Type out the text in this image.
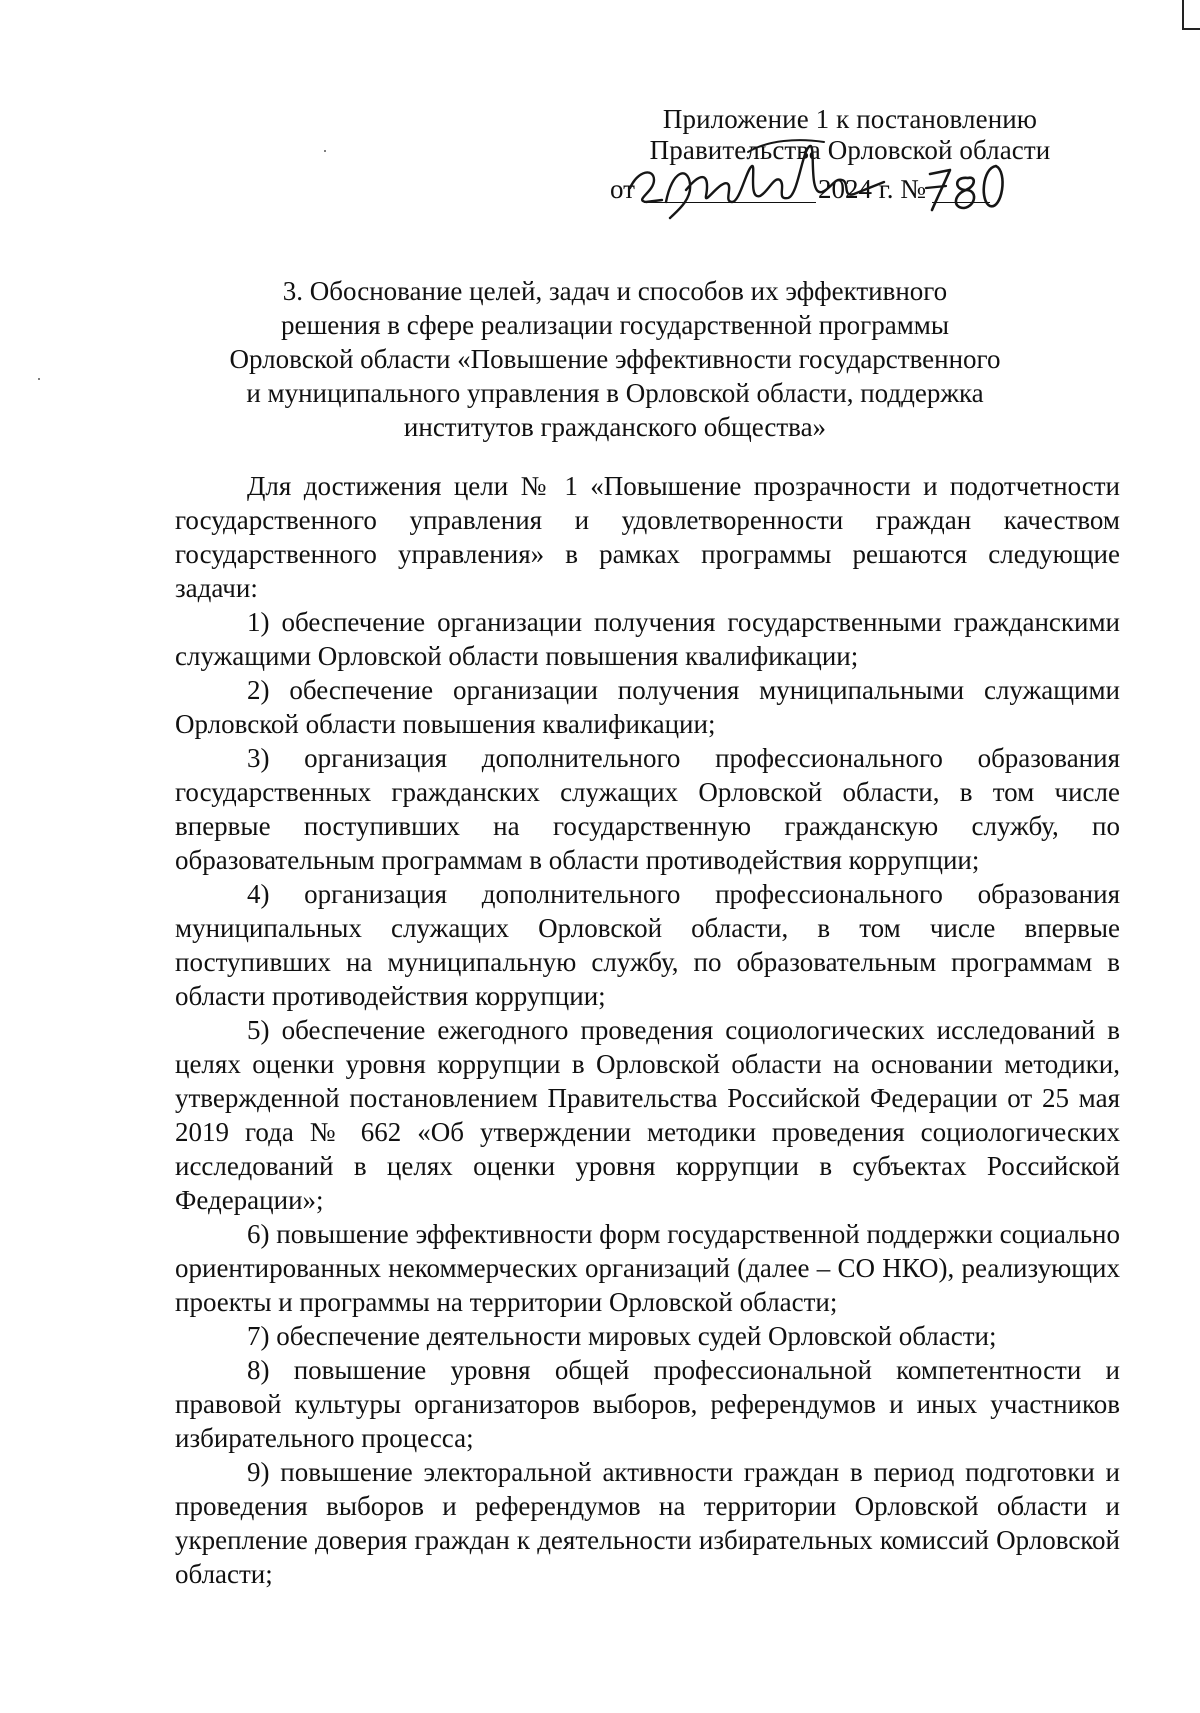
Приложение 1 к постановлению
Правительства Орловской области
от	2024 г. №
3. Обоснование целей, задач и способов их эффективного
решения в сфере реализации государственной программы
Орловской области «Повышение эффективности государственного
и муниципального управления в Орловской области, поддержка
институтов гражданского общества»

Для достижения цели № 1 «Повышение прозрачности и подотчетности государственного управления и удовлетворенности граждан качеством государственного управления» в рамках программы решаются следующие задачи:

1) обеспечение организации получения государственными гражданскими служащими Орловской области повышения квалификации;

2) обеспечение организации получения муниципальными служащими Орловской области повышения квалификации;

3) организация дополнительного профессионального образования государственных гражданских служащих Орловской области, в том числе впервые поступивших на государственную гражданскую службу, по образовательным программам в области противодействия коррупции;

4) организация дополнительного профессионального образования муниципальных служащих Орловской области, в том числе впервые поступивших на муниципальную службу, по образовательным программам в области противодействия коррупции;

5) обеспечение ежегодного проведения социологических исследований в целях оценки уровня коррупции в Орловской области на основании методики, утвержденной постановлением Правительства Российской Федерации от 25 мая 2019 года № 662 «Об утверждении методики проведения социологических исследований в целях оценки уровня коррупции в субъектах Российской Федерации»;

6) повышение эффективности форм государственной поддержки социально ориентированных некоммерческих организаций (далее – СО НКО), реализующих проекты и программы на территории Орловской области;

7) обеспечение деятельности мировых судей Орловской области;

8) повышение уровня общей профессиональной компетентности и правовой культуры организаторов выборов, референдумов и иных участников избирательного процесса;

9) повышение электоральной активности граждан в период подготовки и проведения выборов и референдумов на территории Орловской области и укрепление доверия граждан к деятельности избирательных комиссий Орловской области;
